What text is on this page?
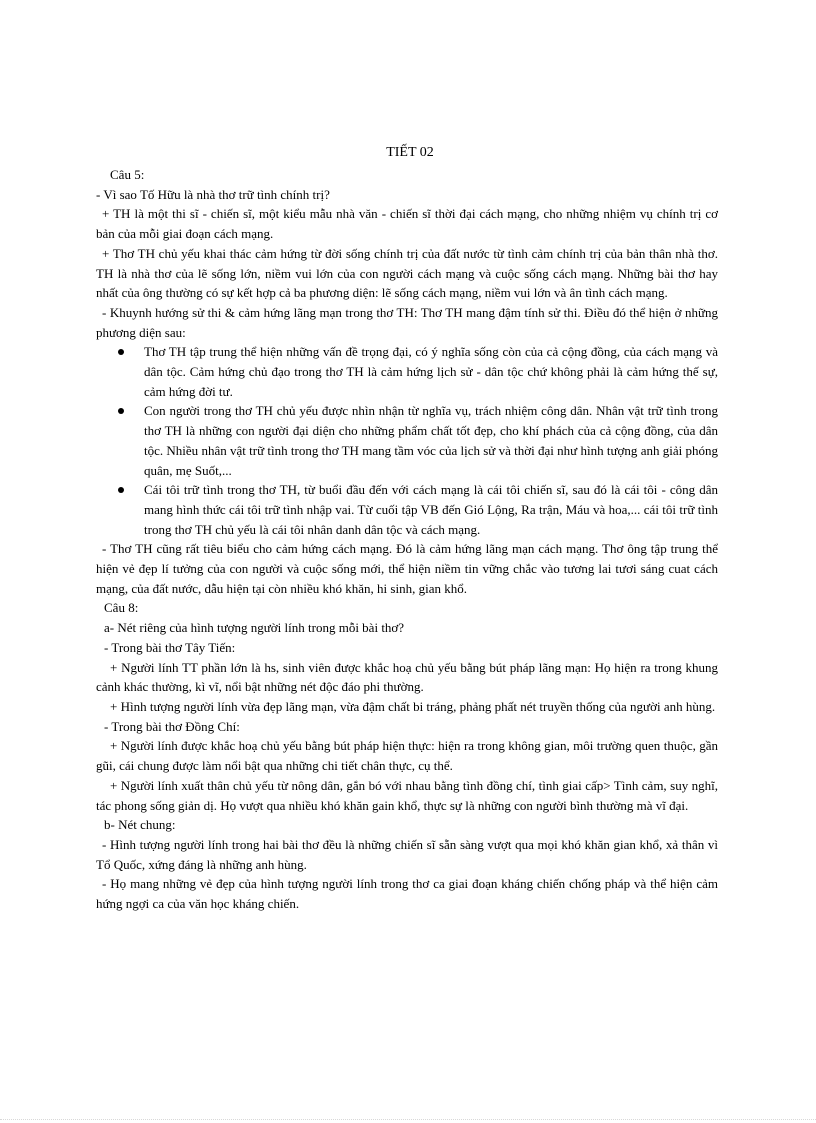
TIẾT 02

Câu 5:

- Vì sao Tố Hữu là nhà thơ trữ tình chính trị?

+ TH là một thi sĩ - chiến sĩ, một kiểu mẫu nhà văn - chiến sĩ thời đại cách mạng, cho những nhiệm vụ chính trị cơ bản của mỗi giai đoạn cách mạng.

+ Thơ TH chủ yếu khai thác cảm hứng từ đời sống chính trị của đất nước từ tình cảm chính trị của bản thân nhà thơ. TH là nhà thơ của lẽ sống lớn, niềm vui lớn của con người cách mạng và cuộc sống cách mạng. Những bài thơ hay nhất của ông thường có sự kết hợp cả ba phương diện: lẽ sống cách mạng, niềm vui lớn và ân tình cách mạng.

- Khuynh hướng sử thi & cảm hứng lãng mạn trong thơ TH: Thơ TH mang đậm tính sử thi. Điều đó thể hiện ở những phương diện sau:

Thơ TH tập trung thể hiện những vấn đề trọng đại, có ý nghĩa sống còn của cả cộng đồng, của cách mạng và dân tộc. Cảm hứng chủ đạo trong thơ TH là cảm hứng lịch sử - dân tộc chứ không phải là cảm hứng thế sự, cảm hứng đời tư.
Con người trong thơ TH chủ yếu được nhìn nhận từ nghĩa vụ, trách nhiệm công dân. Nhân vật trữ tình trong thơ TH là những con người đại diện cho những phẩm chất tốt đẹp, cho khí phách của cả cộng đồng, của dân tộc. Nhiều nhân vật trữ tình trong thơ TH mang tầm vóc của lịch sử và thời đại như hình tượng anh giải phóng quân, mẹ Suốt,...
Cái tôi trữ tình trong thơ TH, từ buổi đầu đến với cách mạng là cái tôi chiến sĩ, sau đó là cái tôi - công dân mang hình thức cái tôi trữ tình nhập vai. Từ cuối tập VB đến Gió Lộng, Ra trận, Máu và hoa,... cái tôi trữ tình trong thơ TH chủ yếu là cái tôi nhân danh dân tộc và cách mạng.

- Thơ TH cũng rất tiêu biểu cho cảm hứng cách mạng. Đó là cảm hứng lãng mạn cách mạng. Thơ ông tập trung thể hiện vẻ đẹp lí tưởng của con người và cuộc sống mới, thể hiện niềm tin vững chắc vào tương lai tươi sáng cuat cách mạng, của đất nước, dẫu hiện tại còn nhiều khó khăn, hi sinh, gian khổ.

Câu 8:

a- Nét riêng của hình tượng người lính trong mỗi bài thơ?

- Trong bài thơ Tây Tiến:

+ Người lính TT phần lớn là hs, sinh viên được khắc hoạ chủ yếu bằng bút pháp lãng mạn: Họ hiện ra trong khung cảnh khác thường, kì vĩ, nổi bật những nét độc đáo phi thường.

+ Hình tượng người lính vừa đẹp lãng mạn, vừa đậm chất bi tráng, phảng phất nét truyền thống của người anh hùng.

- Trong bài thơ Đồng Chí:

+ Người lính được khắc hoạ chủ yếu bằng bút pháp hiện thực: hiện ra trong không gian, môi trường quen thuộc, gần gũi, cái chung được làm nổi bật qua những chi tiết chân thực, cụ thể.

+ Người lính xuất thân chủ yếu từ nông dân, gắn bó với nhau bằng tình đồng chí, tình giai cấp> Tình cảm, suy nghĩ, tác phong sống giản dị. Họ vượt qua nhiều khó khăn gain khổ, thực sự là những con người bình thường mà vĩ đại.

b- Nét chung:

- Hình tượng người lính trong hai bài thơ đều là những chiến sĩ sẵn sàng vượt qua mọi khó khăn gian khổ, xả thân vì Tổ Quốc, xứng đáng là những anh hùng.

- Họ mang những vẻ đẹp của hình tượng người lính trong thơ ca giai đoạn kháng chiến chống pháp và thể hiện cảm hứng ngợi ca của văn học kháng chiến.
